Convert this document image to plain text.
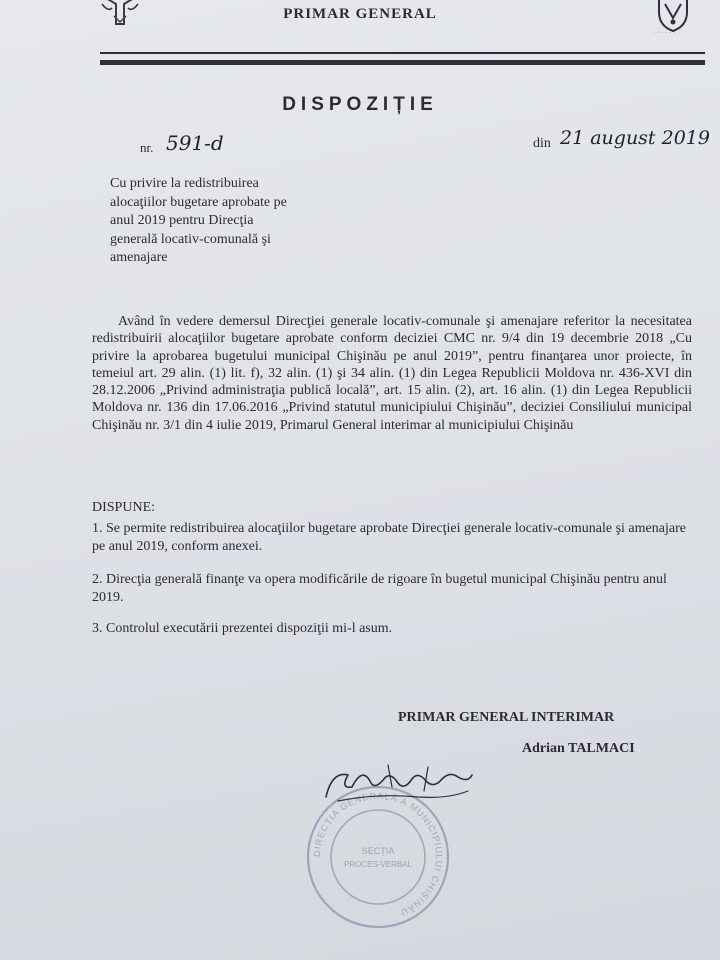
PRIMAR GENERAL
· · · · · ·
DISPOZIȚIE
nr. 591-d	din 21 august 2019
Cu privire la redistribuirea alocaţiilor bugetare aprobate pe anul 2019 pentru Direcţia generală locativ-comunală şi amenajare
Având în vedere demersul Direcţiei generale locativ-comunale şi amenajare referitor la necesitatea redistribuirii alocaţiilor bugetare aprobate conform deciziei CMC nr. 9/4 din 19 decembrie 2018 „Cu privire la aprobarea bugetului municipal Chişinău pe anul 2019”, pentru finanţarea unor proiecte, în temeiul art. 29 alin. (1) lit. f), 32 alin. (1) şi 34 alin. (1) din Legea Republicii Moldova nr. 436-XVI din 28.12.2006 „Privind administraţia publică locală”, art. 15 alin. (2), art. 16 alin. (1) din Legea Republicii Moldova nr. 136 din 17.06.2016 „Privind statutul municipiului Chişinău”, deciziei Consiliului municipal Chişinău nr. 3/1 din 4 iulie 2019, Primarul General interimar al municipiului Chişinău
DISPUNE:
1. Se permite redistribuirea alocaţiilor bugetare aprobate Direcţiei generale locativ-comunale şi amenajare pe anul 2019, conform anexei.
2. Direcţia generală finanţe va opera modificările de rigoare în bugetul municipal Chişinău pentru anul 2019.
3. Controlul executării prezentei dispoziţii mi-l asum.
PRIMAR GENERAL INTERIMAR
Adrian TALMACI
DIRECȚIA GENERALĂ A MUNICIPIULUI CHIȘINĂU
SECȚIA
PROCES-VERBAL
